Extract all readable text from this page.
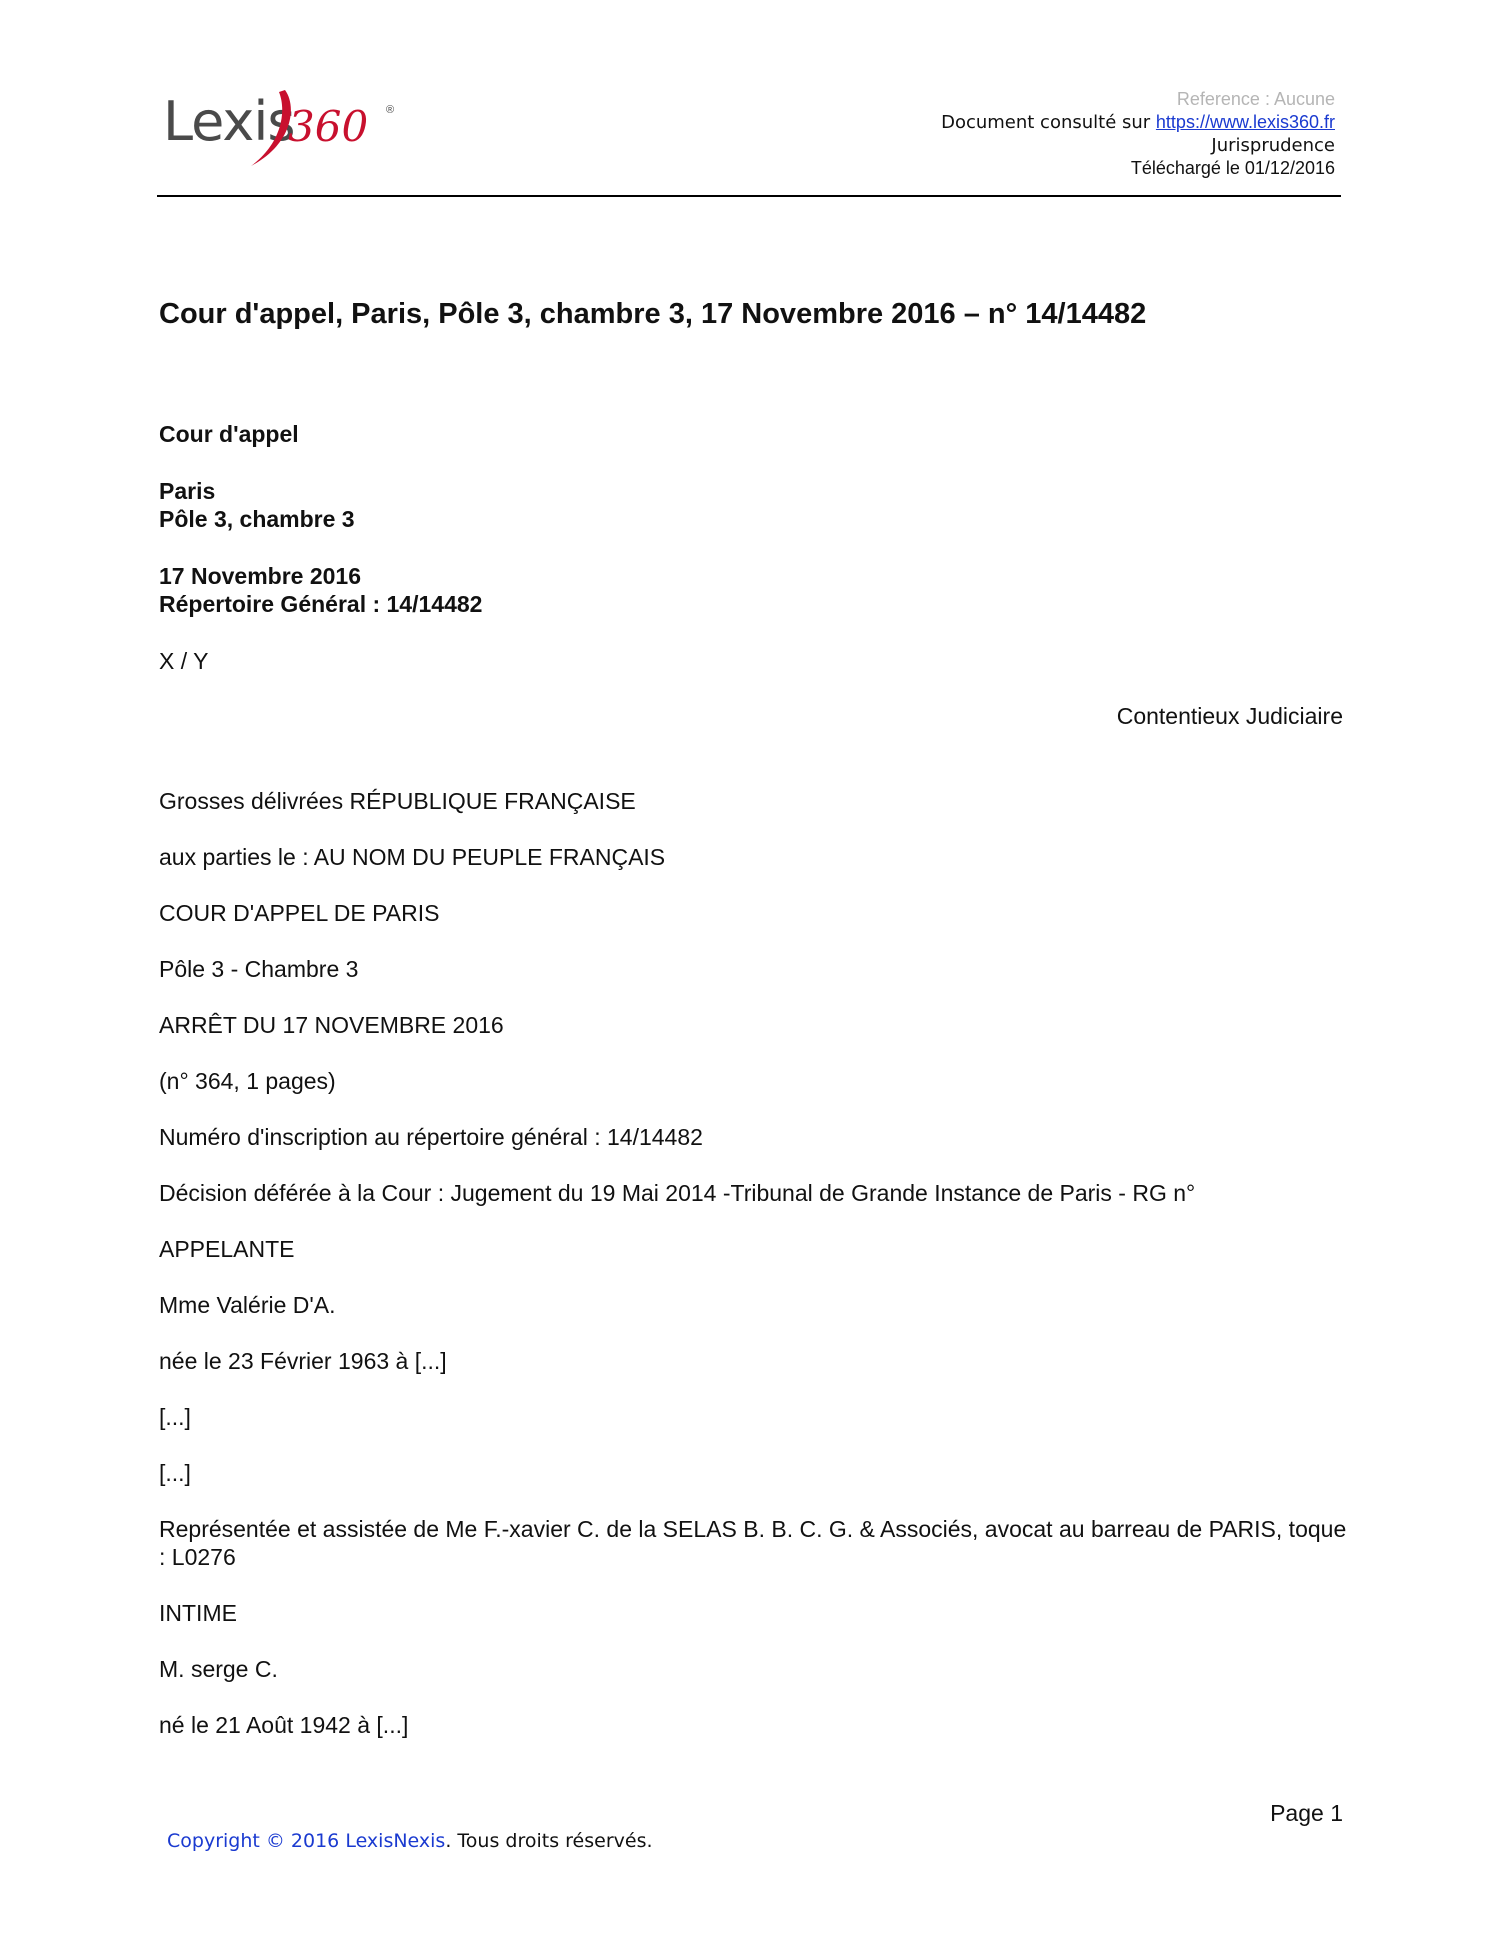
Lexis
360 ®
Reference : Aucune
Document consulté sur https://www.lexis360.fr
Jurisprudence
Téléchargé le 01/12/2016
Cour d'appel, Paris, Pôle 3, chambre 3, 17 Novembre 2016 – n° 14/14482
Cour d'appel
Paris
Pôle 3, chambre 3
17 Novembre 2016
Répertoire Général : 14/14482
X / Y
Contentieux Judiciaire

Grosses délivrées RÉPUBLIQUE FRANÇAISE

aux parties le : AU NOM DU PEUPLE FRANÇAIS

COUR D'APPEL DE PARIS

Pôle 3 - Chambre 3

ARRÊT DU 17 NOVEMBRE 2016

(n° 364, 1 pages)

Numéro d'inscription au répertoire général : 14/14482

Décision déférée à la Cour : Jugement du 19 Mai 2014 -Tribunal de Grande Instance de Paris - RG n°

APPELANTE

Mme Valérie D'A.

née le 23 Février 1963 à [...]

[...]

[...]

Représentée et assistée de Me F.-xavier C. de la SELAS B. B. C. G. & Associés, avocat au barreau de PARIS, toque : L0276

INTIME

M. serge C.

né le 21 Août 1942 à [...]

Page 1
Copyright © 2016 LexisNexis. Tous droits réservés.
